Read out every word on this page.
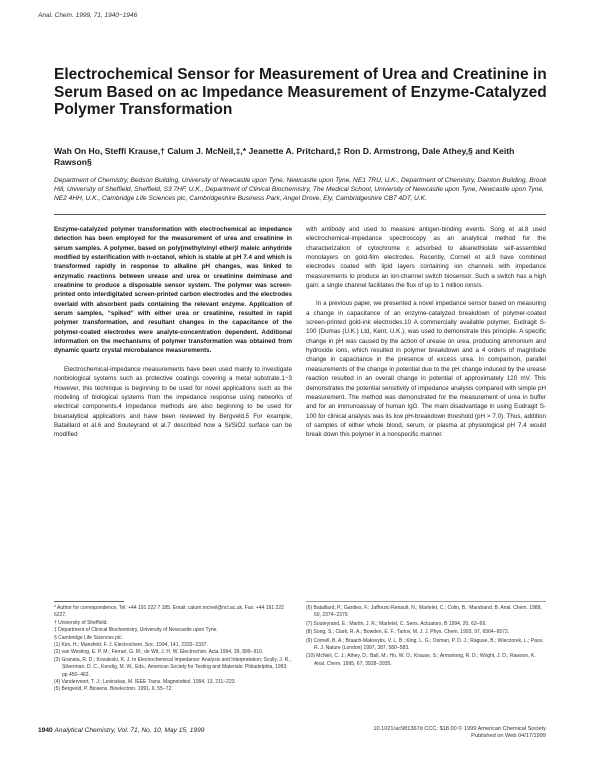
Anal. Chem. 1999, 71, 1940−1946
Electrochemical Sensor for Measurement of Urea and Creatinine in Serum Based on ac Impedance Measurement of Enzyme-Catalyzed Polymer Transformation
Wah On Ho, Steffi Krause,† Calum J. McNeil,‡,* Jeanette A. Pritchard,‡ Ron D. Armstrong, Dale Athey,§ and Keith Rawson§
Department of Chemistry, Bedson Building, University of Newcastle upon Tyne, Newcastle upon Tyne, NE1 7RU, U.K., Department of Chemistry, Dainton Building, Brook Hill, University of Sheffield, Sheffield, S3 7HF, U.K., Department of Clinical Biochemistry, The Medical School, University of Newcastle upon Tyne, Newcastle upon Tyne, NE2 4HH, U.K., Cambridge Life Sciences plc, Cambridgeshire Business Park, Angel Drove, Ely, Cambridgeshire CB7 4DT, U.K.

Enzyme-catalyzed polymer transformation with electrochemical ac impedance detection has been employed for the measurement of urea and creatinine in serum samples. A polymer, based on poly(methylvinyl ether)/ maleic anhydride modified by esterification with n-octanol, which is stable at pH 7.4 and which is transformed rapidly in response to alkaline pH changes, was linked to enzymatic reactions between urease and urea or creatinine deiminase and creatinine to produce a disposable sensor system. The polymer was screen-printed onto interdigitated screen-printed carbon electrodes and the electrodes overlaid with absorbent pads containing the relevant enzyme. Application of serum samples, “spiked” with either urea or creatinine, resulted in rapid polymer transformation, and resultant changes in the capacitance of the polymer-coated electrodes were analyte-concentration dependent. Additional information on the mechanisms of polymer transformation was obtained from dynamic quartz crystal microbalance measurements.

Electrochemical-impedance measurements have been used mainly to investigate nonbiological systems such as protective coatings covering a metal substrate.1−3 However, this technique is beginning to be used for novel applications such as the modeling of biological systems from the impedance response using networks of electrical components.4 Impedance methods are also beginning to be used for bioanalytical applications and have been reviewed by Bergveld.5 For example, Bataillard et al.6 and Souteyrand et al.7 described how a Si/SiO2 surface can be modified

with antibody and used to measure antigen-binding events. Song et al.8 used electrochemical-impedance spectroscopy as an analytical method for the characterization of cytochrome c adsorbed to alkanethiolate self-assembled monolayers on gold-film electrodes. Recently, Cornell et al.9 have combined electrodes coated with lipid layers containing ion channels with impedance measurements to produce an ion-channel switch biosensor. Such a switch has a high gain: a single channel facilitates the flux of up to 1 million ions/s.

In a previous paper, we presented a novel impedance sensor based on measuring a change in capacitance of an enzyme-catalyzed breakdown of polymer-coated screen-printed gold-ink electrodes.10 A commercially available polymer, Eudragit S-100 (Dumas (U.K.) Ltd, Kent, U.K.), was used to demonstrate this principle. A specific change in pH was caused by the action of urease on urea, producing ammonium and hydroxide ions, which resulted in polymer breakdown and a 4 orders of magnitude change in capacitance in the presence of excess urea. In comparison, parallel measurements of the change in potential due to the pH change induced by the urease reaction resulted in an overall change in potential of approximately 120 mV. This demonstrates the potential sensitivity of impedance analysis compared with simple pH measurement. The method was demonstrated for the measurement of urea in buffer and for an immunoassay of human IgG. The main disadvantage in using Eudragit S-100 for clinical analysis was its low pH-breakdown threshold (pH > 7.0). Thus, addition of samples of either whole blood, serum, or plasma at physiological pH 7.4 would break down this polymer in a nonspecific manner.

* Author for correspondence. Tel: +44 191 222 7 185. Email: calum.mcneil@ncl.ac.uk. Fax: +44 191 222 6227.
† University of Sheffield.
‡ Department of Clinical Biochemistry, University of Newcastle upon Tyne.
§ Cambridge Life Sciences plc.
(1) Kim, H.; Mansfeld, F. J. Electrochem. Soc. 1994, 141, 2332−2337.
(2) van Westing, E. P. M.; Ferrari, G. M.; de Wit, J. H. W. Electrochim. Acta 1994, 39, 899−910.
(3) Granata, R. D.; Kovaleski, K. J. In Electrochemical Impedance: Analysis and Interpretation; Scully, J. R., Silverman, D. C., Kendig, M. W., Eds.; American Society for Testing and Materials: Philadelphia, 1993; pp 450−462.
(4) Vandervoort, T. J.; Levinskas, M. IEEE Trans. Magnetobiol. 1994, 13, 211−223.
(5) Bergveld, P. Biosens. Bioelectron. 1991, 6, 55−72.
(6) Bataillard, P.; Gardies, F.; Jaffrezic-Renault, N.; Martelet, C.; Colin, B.; Mandrand, B. Anal. Chem. 1988, 60, 2374−2379.
(7) Souteyrand, E.; Martin, J. R.; Martelet, C. Sens. Actuators, B 1994, 20, 63−69.
(8) Song, S.; Clark, R. A.; Bowden, E. F.; Tarlov, M. J. J. Phys. Chem. 1993, 97, 6564−6572.
(9) Cornell, B. A.; Braach-Maksvytis, V. L. B.; King, L. G.; Osman, P. D. J.; Raguse, B.; Wieczorek, L.; Pace, R. J. Nature (London) 1997, 387, 580−583.
(10) McNeil, C. J.; Athey, D.; Ball, M.; Ho, W. O.; Krause, S.; Armstrong, R. D.; Wright, J. D.; Rawson, K. Anal. Chem. 1995, 67, 3928−3935.
1940 Analytical Chemistry, Vol. 71, No. 10, May 15, 1999	10.1021/ac981367d CCC: $18.00 © 1999 American Chemical Society
Published on Web 04/17/1999
